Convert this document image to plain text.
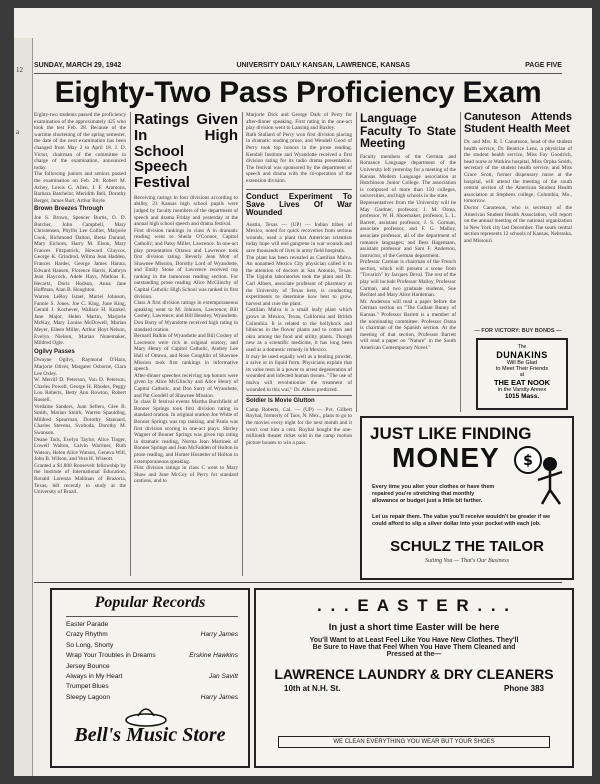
12
a
SUNDAY, MARCH 29, 1942	UNIVERSITY DAILY KANSAN, LAWRENCE, KANSAS	PAGE FIVE
Eighty-Two Pass Proficiency Exam

Eighty-two students passed the proficiency examination of the approximately 425 who took the test Feb. 28. Because of the wartime shortening of the spring semester, the date of the next examination has been changed from May 2 to April 18. J. D. Victor, chairman of the committee in charge of the examination, announced today.

The following juniors and seniors passed the examination on Feb. 28: Robert M. Achey, Lewis G. Allen, J. F. Ammons, Barbara Batchelor, Meridith Bell, Dorothy Berger, James Burt, Arthur Boyle.

Brown Breezes Through

Joe S. Brown, Spencer Burtis, O. D. Butcher, John Campbell, Mary Christensen, Phyllis Lee Collier, Marjorie Cook, Richmond Dalton, Breta Durand, Mary Eichorn, Harry M. Elson, Mary Frances Fitzpatrick, Howard Glaycos, George K. Grindrod, Wilma Jean Hadden, Frances Harder, George James Hanna, Edward Hansen, Florence Harris, Kathryn Jean Haycock, Adele Hays, Mathias E. Hecartz, Doris Hodson, Anna Jane Hoffman, Alan B. Houghton.

Warren LeRoy Israel, Muriel Johnson, Fannie S. Jones, Joe C. King, June King, Gerald J. Kochever, Wallace H. Kunkel, Jane Major, Helen Martin, Marjorie McKay, Mary Louise McDowell, Marian Meyer, Eileen Miller, Arthur Hoyt Nelson, Evelyn Nielsen, Marian Nunemaker, Mildred Ogle.

Ogilvy Passes

Dwayne Ogilvy, Raymond O'Hara, Marjorie Oliver, Margaret Osborne, Clara Lee Oxley.

W. Merrill D. Peterson, Von D. Peterson, Charles Powell, George H. Rhodes, Peggy Lou Roberts, Betty Ann Rowton, Robert Russell.

Verdaine Sanders, Joan Sellers, Glee B. Smith, Marian Smith, Warren Spaulding, Mildred Spearman, Dorothy Stannard, Charles Stevens, Svoboda, Dorothy M. Swanson.

Deane Tack, Evelyn Taylor, Alice Tinger, Lowell Walton, Calvin Warriner, Ruth Watson, Helen Alice Watson, Geneva Will, John B. Wilson, and Vera H. Wiseort.

Granted a $1,800 Roosevelt fellowship by the Institute of International Education, Ronald Lorenza Mallinan of Brazoria, Texas, left recently to study at the University of Brazil.

Ratings Given In High School Speech Festival

Receiving ratings in four divisions according to ability, 23 Kansas high school pupils were judged by faculty members of the department of speech and drama Friday and yesterday at the annual high school speech and drama festival.

First division rankings in class A in dramatic reading went to Sheila O'Connor, Capitol Catholic; and Patsy Miller, Lawrence. In one-act play presentation Ottawa and Lawrence took first division rating. Beverly Jean Mott of Shawnee Mission, Dorothy Lord of Wyandotte, and Emily Stone of Lawrence received top ranking in the humorous reading section. For outstanding prose reading Alice McGlinchy of Capital Catholic High School was ranked in first division.

Class A first division ratings in extemporaneous speaking went to M. Johnson, Lawrence; Bill Coshey, Lawrence; and Bill Hensley, Wyandotte. Don Barry of Wyandotte received high rating in standard oration.

Bernard Balkin of Wyandotte and Bill Coshey of Lawrence were rich in original oratory, and Mary Henry of Capitol Catholic, Audrey Lee Hall of Ottawa, and Rose Coughlin of Shawnee Mission took first rankings in informative speech.

After-dinner speeches receiving top honors were given by Alice McGlinchy and Alice Henry of Capitol Catholic, and Don Surry of Wyandotte, and Pat Goodell of Shawnee Mission.

In class B festival events Martha Burchfield of Bonner Springs took first division rating in standard oration. In original oration Joe White of Bonner Springs was top ranking, and Paula was first division scoring in one-act plays. Shirley Wagner of Bonner Springs was given top rating in dramatic reading, Norma Jean Martinek of Bonner Springs and Jean McFadden of Holton in prose reading, and Homer Hostetter of Holton in extemporaneous speaking.

First division ratings in class C went to Mary Shaw and June McCoy of Perry for standard orations, and to

Marjorie Dick and George Dark of Perry for after-dinner speaking. First rating in the one-act play division went to Lansing and Baxley.

Ruth Stallard of Perry won first division placing in dramatic reading prose, and Wendell Good of Perry took top honors in the prose reading. Kendall Institute and Wyandotte received a first division rating for its radio drama presentation. The festival was sponsored by the department of speech and drama with the co-operation of the extension division.

Conduct Experiment To Save Lives Of War Wounded

Austin, Texas — (UP) — Indian tribes of Mexico, noted for quick recoveries from serious wounds, used a plant that American scientists today hope will end gangrene in war wounds and save thousands of lives in army field hospitals.

The plant has been revealed as Castilian Malva. An unnamed Mexico City physician called it to the attention of doctors at San Antonio, Texas. The Upjohn laboratories took the plant and Dr. Carl Albers, associate professor of pharmacy at the University of Texas here, is conducting experiments to determine how best to grow, harvest and cure the plant.

Castilian Malva is a small leafy plant which grows in Mexico, Texas, California and British Columbia. It is related to the hollyhock and hibiscus in the flower plants and to cotton and okra among the food and utility plants. Though new as a scientific medicine, it has long been used as a domestic remedy in Mexico.

It may be used equally well as a healing powder, a salve or in liquid form. Physicians explain that its value rests in a power to arrest degeneration of wounded and infected human tissues. "The use of malva will revolutionize the treatment of wounded in this war," Dr. Albers predicted.

Soldier Is Movie Glutton

Camp Roberts, Cal. — (UP) — Pvt. Gilbert Royhal, formerly of Taos, N. Mex., plans to go to the movies every night for the next month and it won't cost him a cent. Royhal bought the one-millionth theater ticket sold in the camp motion picture houses to win a pass.

Language Faculty To State Meeting

Faculty members of the German and Romance Language department of the University left yesterday for a meeting of the Kansas Modern Language association at Hutchinson Junior College. The association is composed of more than 150 colleges, universities, and high schools in the state.

Representatives from the University will be May Gardner, professor, J. M. Osma, professor, W. H. Shoemaker, professor, L. L. Barrett, assistant professor, J. S. Gorman, associate professor, and F. G. Malloy, associate professor, all of the department of romance languages; and Bess Hagemann, assistant professor and Sam F. Anderson, instructor, of the German department.

Professor Carman is chairman of the French section, which will present a scene from "Tovarich" by Jacques Deval. The rest of the play will include Professor Malloy, Professor Carman, and two graduate students, Sue Bechtel and Mary Alice Hardeman.

Mr. Anderson will read a paper before the German section on "The Gallant Bunny of Kansas." Professor Barrett is a member of the nominating committee. Professor Osma is chairman of the Spanish section. At the meeting of that section, Professor Barrett will read a paper on "Nature" in the South American Contemporary Novel."

Canuteson Attends Student Health Meet

Dr. and Mrs. R. I. Canuteson, head of the student health service, Dr. Beatrice Lenz, a physician of the student health service, Miss Fay Goodrich, head nurse at Watkins hospital, Miss Orpha Smith, secretary of the student health service, and Miss Grace Scott, former dispensary nurse at the hospital, will attend the meeting of the south central section of the American Student Health association at Stephens college, Columbia, Mo., tomorrow.

Doctor Canuteson, who is secretary of the American Student Health Association, will report on the annual meeting of the national organization in New York city last December. The south central section represents 12 schools of Kansas, Nebraska, and Missouri.

— FOR VICTORY: BUY BONDS —
The
DUNAKINS
Will Be Glad
to Meet Their Friends
at
THE EAT NOOK
in the Varsity Annex
1015 Mass.
JUST LIKE FINDING
MONEY $
Every time you alter your clothes or have them repaired you're stretching that monthly allowance or budget just a little bit farther.
Let us repair them. The value you'll receive wouldn't be greater if we could afford to slip a silver dollar into your pocket with each job.
SCHULZ THE TAILOR
Suiting You — That's Our Business
Popular Records
Easter Parade
Crazy Rhythm	Harry James
So Long, Shorty
Wrap Your Troubles in Dreams	Erskine Hawkins
Jersey Bounce
Always in My Heart	Jan Savitt
Trumpet Blues
Sleepy Lagoon	Harry James
Bell's Music Store
. . . E A S T E R . . .
In just a short time Easter will be here
You'll Want to at Least Feel Like You Have New Clothes. They'll
Be Sure to Have that Feel When You Have Them Cleaned and
Pressed at the—
LAWRENCE LAUNDRY & DRY CLEANERS
10th at N.H. St.	Phone 383
WE CLEAN EVERYTHING YOU WEAR BUT YOUR SHOES
